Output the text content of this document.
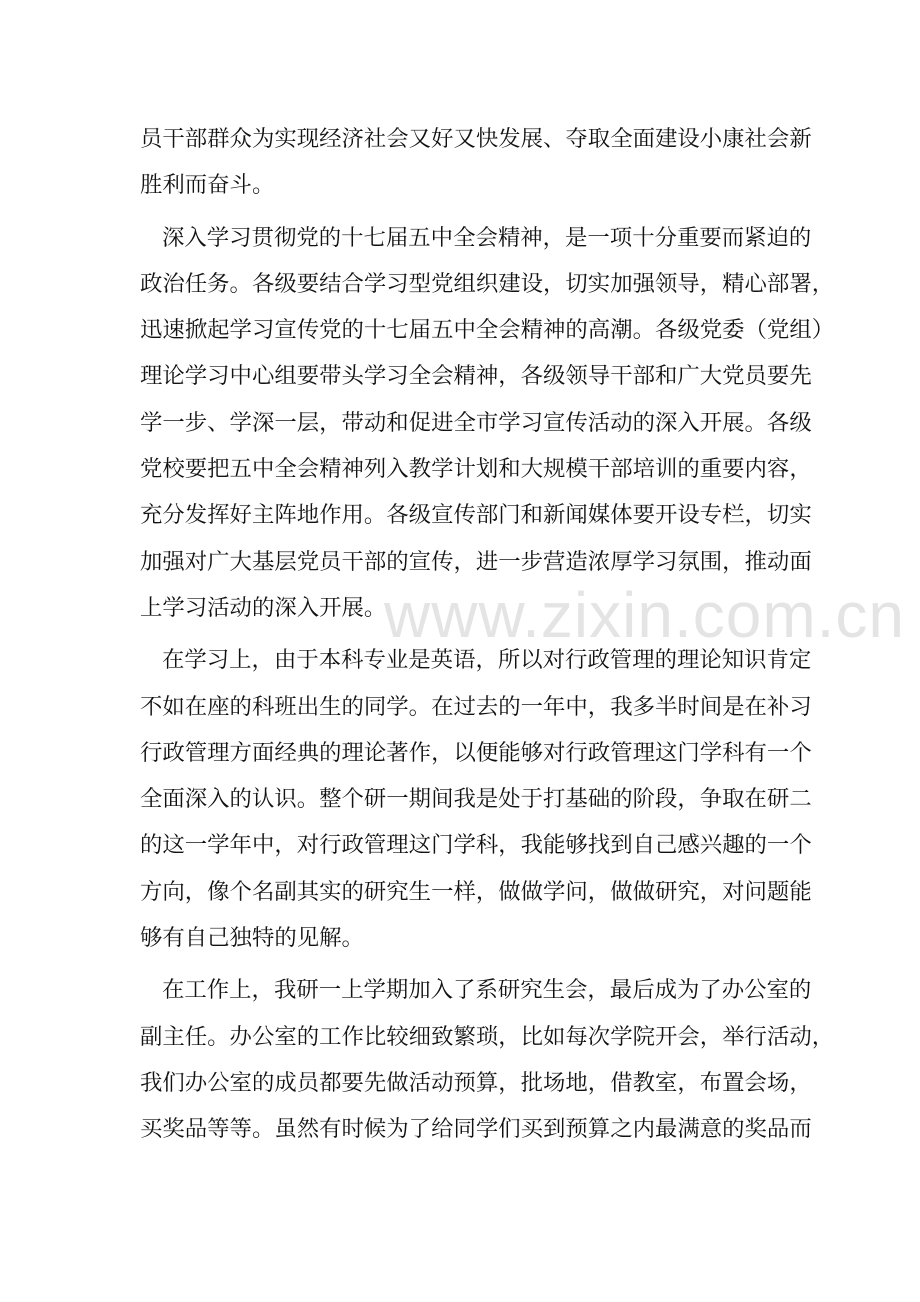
员干部群众为实现经济社会又好又快发展、夺取全面建设小康社会新
胜利而奋斗。
深入学习贯彻党的十七届五中全会精神，是一项十分重要而紧迫的
政治任务。各级要结合学习型党组织建设，切实加强领导，精心部署，
迅速掀起学习宣传党的十七届五中全会精神的高潮。各级党委（党组）
理论学习中心组要带头学习全会精神，各级领导干部和广大党员要先
学一步、学深一层，带动和促进全市学习宣传活动的深入开展。各级
党校要把五中全会精神列入教学计划和大规模干部培训的重要内容，
充分发挥好主阵地作用。各级宣传部门和新闻媒体要开设专栏，切实
加强对广大基层党员干部的宣传，进一步营造浓厚学习氛围，推动面
上学习活动的深入开展。
在学习上，由于本科专业是英语，所以对行政管理的理论知识肯定
不如在座的科班出生的同学。在过去的一年中，我多半时间是在补习
行政管理方面经典的理论著作，以便能够对行政管理这门学科有一个
全面深入的认识。整个研一期间我是处于打基础的阶段，争取在研二
的这一学年中，对行政管理这门学科，我能够找到自己感兴趣的一个
方向，像个名副其实的研究生一样，做做学问，做做研究，对问题能
够有自己独特的见解。
在工作上，我研一上学期加入了系研究生会，最后成为了办公室的
副主任。办公室的工作比较细致繁琐，比如每次学院开会，举行活动，
我们办公室的成员都要先做活动预算，批场地，借教室，布置会场，
买奖品等等。虽然有时候为了给同学们买到预算之内最满意的奖品而
www.zixin.com.cn
